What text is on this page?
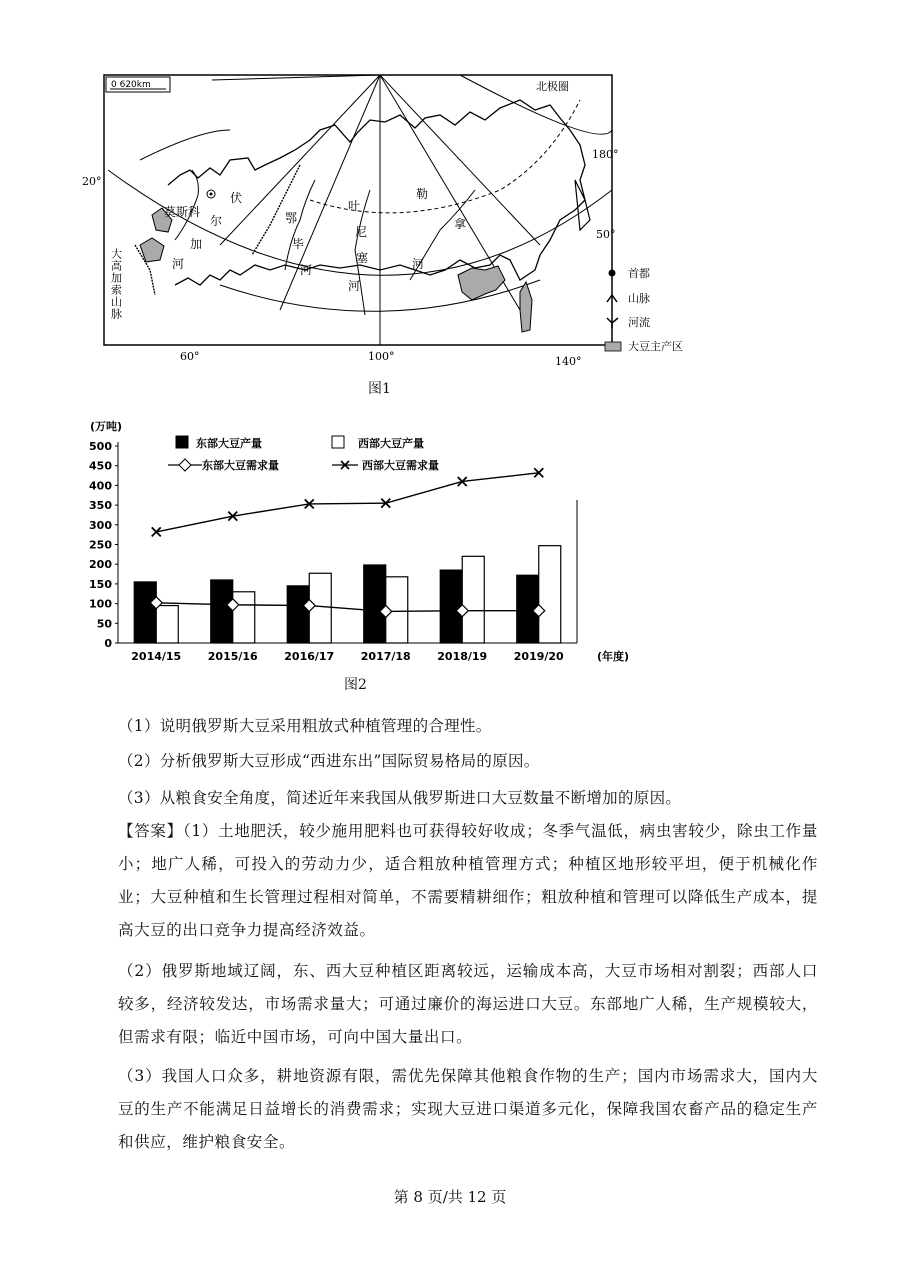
0 620km
莫斯科
伏
尔
加
河
鄂
毕
河
叶
尼
塞
河
勒
拿
河
大高加索山脉
北极圈
20°
50°
180°
60°	100°	140°
首都
山脉
河流
大豆主产区
图1
0
50
100
150
200
250
300
350
400
450
500
(万吨)
(年度)
2014/15 2015/16 2016/17 2017/18 2018/19 2019/20
东部大豆产量	西部大豆产量
东部大豆需求量	西部大豆需求量
图2
（1）说明俄罗斯大豆采用粗放式种植管理的合理性。
（2）分析俄罗斯大豆形成“西进东出”国际贸易格局的原因。
（3）从粮食安全角度，简述近年来我国从俄罗斯进口大豆数量不断增加的原因。
【答案】（1）土地肥沃，较少施用肥料也可获得较好收成；冬季气温低，病虫害较少，除虫工作量小；地广人稀，可投入的劳动力少，适合粗放种植管理方式；种植区地形较平坦，便于机械化作业；大豆种植和生长管理过程相对简单，不需要精耕细作；粗放种植和管理可以降低生产成本，提高大豆的出口竞争力提高经济效益。
（2）俄罗斯地域辽阔，东、西大豆种植区距离较远，运输成本高，大豆市场相对割裂；西部人口较多，经济较发达，市场需求量大；可通过廉价的海运进口大豆。东部地广人稀，生产规模较大，但需求有限；临近中国市场，可向中国大量出口。
（3）我国人口众多，耕地资源有限，需优先保障其他粮食作物的生产；国内市场需求大，国内大豆的生产不能满足日益增长的消费需求；实现大豆进口渠道多元化，保障我国农畜产品的稳定生产和供应，维护粮食安全。
第 8 页/共 12 页
